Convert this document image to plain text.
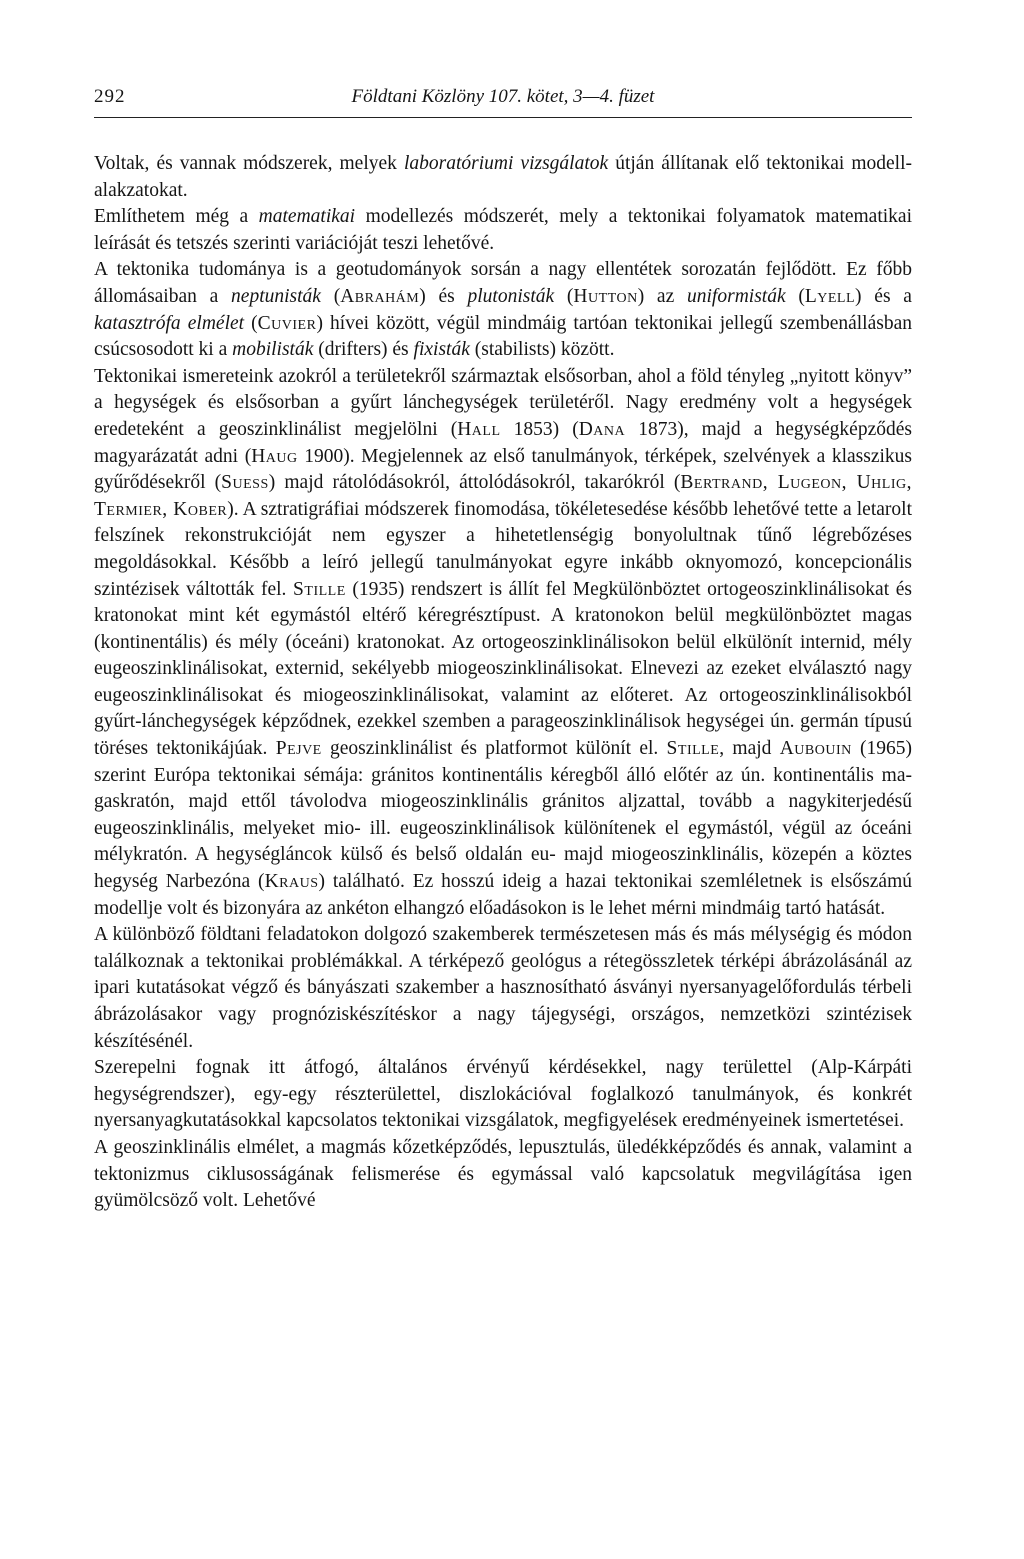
292	Földtani Közlöny 107. kötet, 3—4. füzet

Voltak, és vannak módszerek, melyek laboratóriumi vizsgálatok útján állítanak elő tektonikai modell-alakzatokat.

Említhetem még a matematikai modellezés módszerét, mely a tektonikai folyamatok matematikai leírását és tetszés szerinti variációját teszi lehetővé.

A tektonika tudománya is a geotudományok sorsán a nagy ellentétek sorozatán fejlődött. Ez főbb állomásaiban a neptunisták (Abrahám) és plutonisták (Hutton) az uniformisták (Lyell) és a katasztrófa elmélet (Cuvier) hívei között, végül mindmáig tartóan tektonikai jellegű szembenállásban csúcsosodott ki a mobilisták (drifters) és fixisták (stabilists) között.

Tektonikai ismereteink azokról a területekről származtak elsősorban, ahol a föld tényleg „nyitott könyv” a hegységek és elsősorban a gyűrt lánchegységek területéről. Nagy eredmény volt a hegységek eredeteként a geoszinklinálist megjelölni (Hall 1853) (Dana 1873), majd a hegységképződés magyarázatát adni (Haug 1900). Megjelennek az első tanulmányok, térképek, szelvények a klasszikus gyűrődésekről (Suess) majd rátolódásokról, áttolódásokról, takarókról (Bertrand, Lugeon, Uhlig, Termier, Kober). A sztratigráfiai módszerek finomodása, tökéletesedése később lehetővé tette a letarolt felszínek rekonstrukcióját nem egyszer a hihetetlenségig bonyolultnak tűnő légrebőzéses megoldásokkal. Később a leíró jellegű tanulmányokat egyre inkább oknyomozó, koncepcionális szintézisek váltották fel. Stille (1935) rendszert is állít fel Megkülönböztet ortogeoszinklinálisokat és kratonokat mint két egymástól eltérő kéregrésztípust. A kratonokon belül megkülönböztet magas (kontinentális) és mély (óceáni) kratonokat. Az ortogeoszinklinálisokon belül elkülönít internid, mély eugeoszinklinálisokat, externid, sekélyebb miogeoszinklinálisokat. Elnevezi az ezeket elválasztó nagy eugeoszinklinálisokat és miogeoszinklinálisokat, valamint az előteret. Az ortogeoszinklinálisokból gyűrt-lánchegységek képződnek, ezekkel szemben a parageoszinklinálisok hegységei ún. germán típusú töréses tektonikájúak. Pejve geoszinklinálist és platformot különít el. Stille, majd Aubouin (1965) szerint Európa tektonikai sémája: gránitos kontinentális kéregből álló előtér az ún. kontinentális magaskratón, majd ettől távolodva miogeoszinklinális gránitos aljzattal, tovább a nagykiterjedésű eugeoszinklinális, melyeket mio- ill. eugeoszinklinálisok különítenek el egymástól, végül az óceáni mélykratón. A hegységláncok külső és belső oldalán eu- majd miogeoszinklinális, közepén a köztes hegység Narbezóna (Kraus) található. Ez hosszú ideig a hazai tektonikai szemléletnek is elsőszámú modellje volt és bizonyára az ankéton elhangzó előadásokon is le lehet mérni mindmáig tartó hatását.

A különböző földtani feladatokon dolgozó szakemberek természetesen más és más mélységig és módon találkoznak a tektonikai problémákkal. A térképező geológus a rétegösszletek térképi ábrázolásánál az ipari kutatásokat végző és bányászati szakember a hasznosítható ásványi nyersanyagelőfordulás térbeli ábrázolásakor vagy prognóziskészítéskor a nagy tájegységi, országos, nemzetközi szintézisek készítésénél.

Szerepelni fognak itt átfogó, általános érvényű kérdésekkel, nagy területtel (Alp-Kárpáti hegységrendszer), egy-egy részterülettel, diszlokációval foglalkozó tanulmányok, és konkrét nyersanyagkutatásokkal kapcsolatos tektonikai vizsgálatok, megfigyelések eredményeinek ismertetései.

A geoszinklinális elmélet, a magmás kőzetképződés, lepusztulás, üledékképződés és annak, valamint a tektonizmus ciklusosságának felismerése és egymással való kapcsolatuk megvilágítása igen gyümölcsöző volt. Lehetővé
